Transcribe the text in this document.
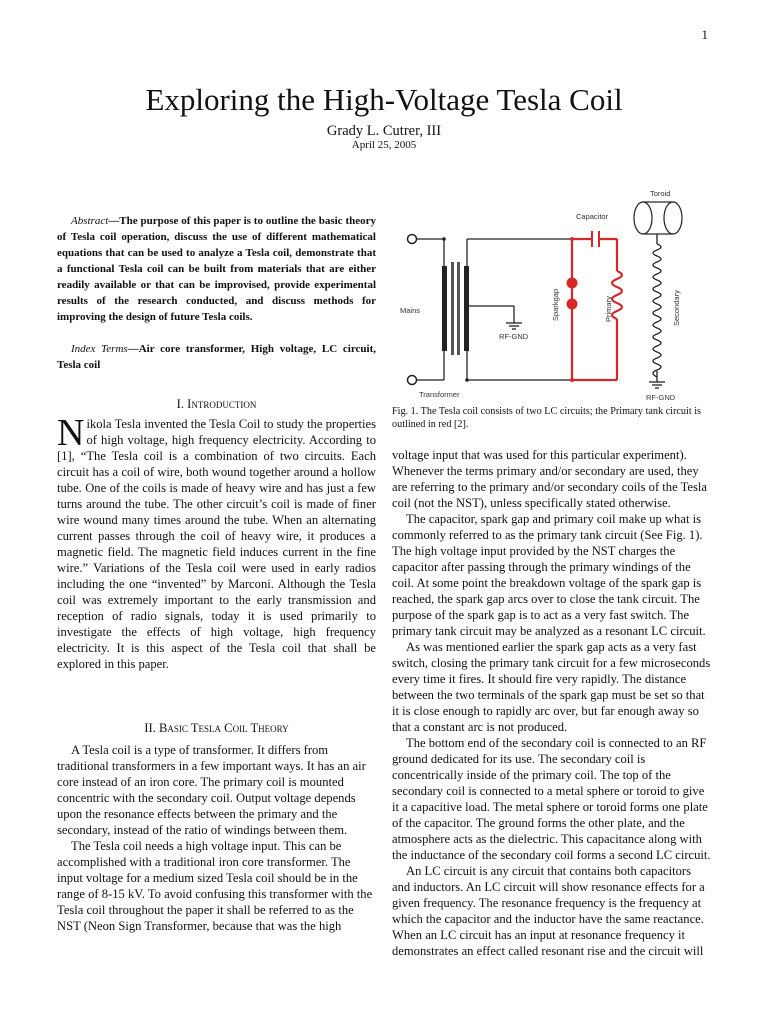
1
Exploring the High-Voltage Tesla Coil
Grady L. Cutrer, III
April 25, 2005
Abstract—The purpose of this paper is to outline the basic theory of Tesla coil operation, discuss the use of different mathematical equations that can be used to analyze a Tesla coil, demonstrate that a functional Tesla coil can be built from materials that are either readily available or that can be improvised, provide experimental results of the research conducted, and discuss methods for improving the design of future Tesla coils.
Index Terms—Air core transformer, High voltage, LC circuit, Tesla coil
I. Introduction

Nikola Tesla invented the Tesla Coil to study the properties of high voltage, high frequency electricity. According to [1], “The Tesla coil is a combination of two circuits. Each circuit has a coil of wire, both wound together around a hollow tube. One of the coils is made of heavy wire and has just a few turns around the tube. The other circuit’s coil is made of finer wire wound many times around the tube. When an alternating current passes through the coil of heavy wire, it produces a magnetic field. The magnetic field induces current in the fine wire.” Variations of the Tesla coil were used in early radios including the one “invented” by Marconi. Although the Tesla coil was extremely important to the early transmission and reception of radio signals, today it is used primarily to investigate the effects of high voltage, high frequency electricity. It is this aspect of the Tesla coil that shall be explored in this paper.

II. Basic Tesla Coil Theory

A Tesla coil is a type of transformer. It differs from traditional transformers in a few important ways. It has an air core instead of an iron core. The primary coil is mounted concentric with the secondary coil. Output voltage depends upon the resonance effects between the primary and the secondary, instead of the ratio of windings between them.

The Tesla coil needs a high voltage input. This can be accomplished with a traditional iron core transformer. The input voltage for a medium sized Tesla coil should be in the range of 8-15 kV. To avoid confusing this transformer with the Tesla coil throughout the paper it shall be referred to as the NST (Neon Sign Transformer, because that was the high

Toroid
Capacitor
Mains
RF-GND
Transformer	RF-GND
Sparkgap	Primary	Secondary
Fig. 1. The Tesla coil consists of two LC circuits; the Primary tank circuit is outlined in red [2].

voltage input that was used for this particular experiment). Whenever the terms primary and/or secondary are used, they are referring to the primary and/or secondary coils of the Tesla coil (not the NST), unless specifically stated otherwise.

The capacitor, spark gap and primary coil make up what is commonly referred to as the primary tank circuit (See Fig. 1). The high voltage input provided by the NST charges the capacitor after passing through the primary windings of the coil. At some point the breakdown voltage of the spark gap is reached, the spark gap arcs over to close the tank circuit. The purpose of the spark gap is to act as a very fast switch. The primary tank circuit may be analyzed as a resonant LC circuit.

As was mentioned earlier the spark gap acts as a very fast switch, closing the primary tank circuit for a few microseconds every time it fires. It should fire very rapidly. The distance between the two terminals of the spark gap must be set so that it is close enough to rapidly arc over, but far enough away so that a constant arc is not produced.

The bottom end of the secondary coil is connected to an RF ground dedicated for its use. The secondary coil is concentrically inside of the primary coil. The top of the secondary coil is connected to a metal sphere or toroid to give it a capacitive load. The metal sphere or toroid forms one plate of the capacitor. The ground forms the other plate, and the atmosphere acts as the dielectric. This capacitance along with the inductance of the secondary coil forms a second LC circuit.

An LC circuit is any circuit that contains both capacitors and inductors. An LC circuit will show resonance effects for a given frequency. The resonance frequency is the frequency at which the capacitor and the inductor have the same reactance. When an LC circuit has an input at resonance frequency it demonstrates an effect called resonant rise and the circuit will
